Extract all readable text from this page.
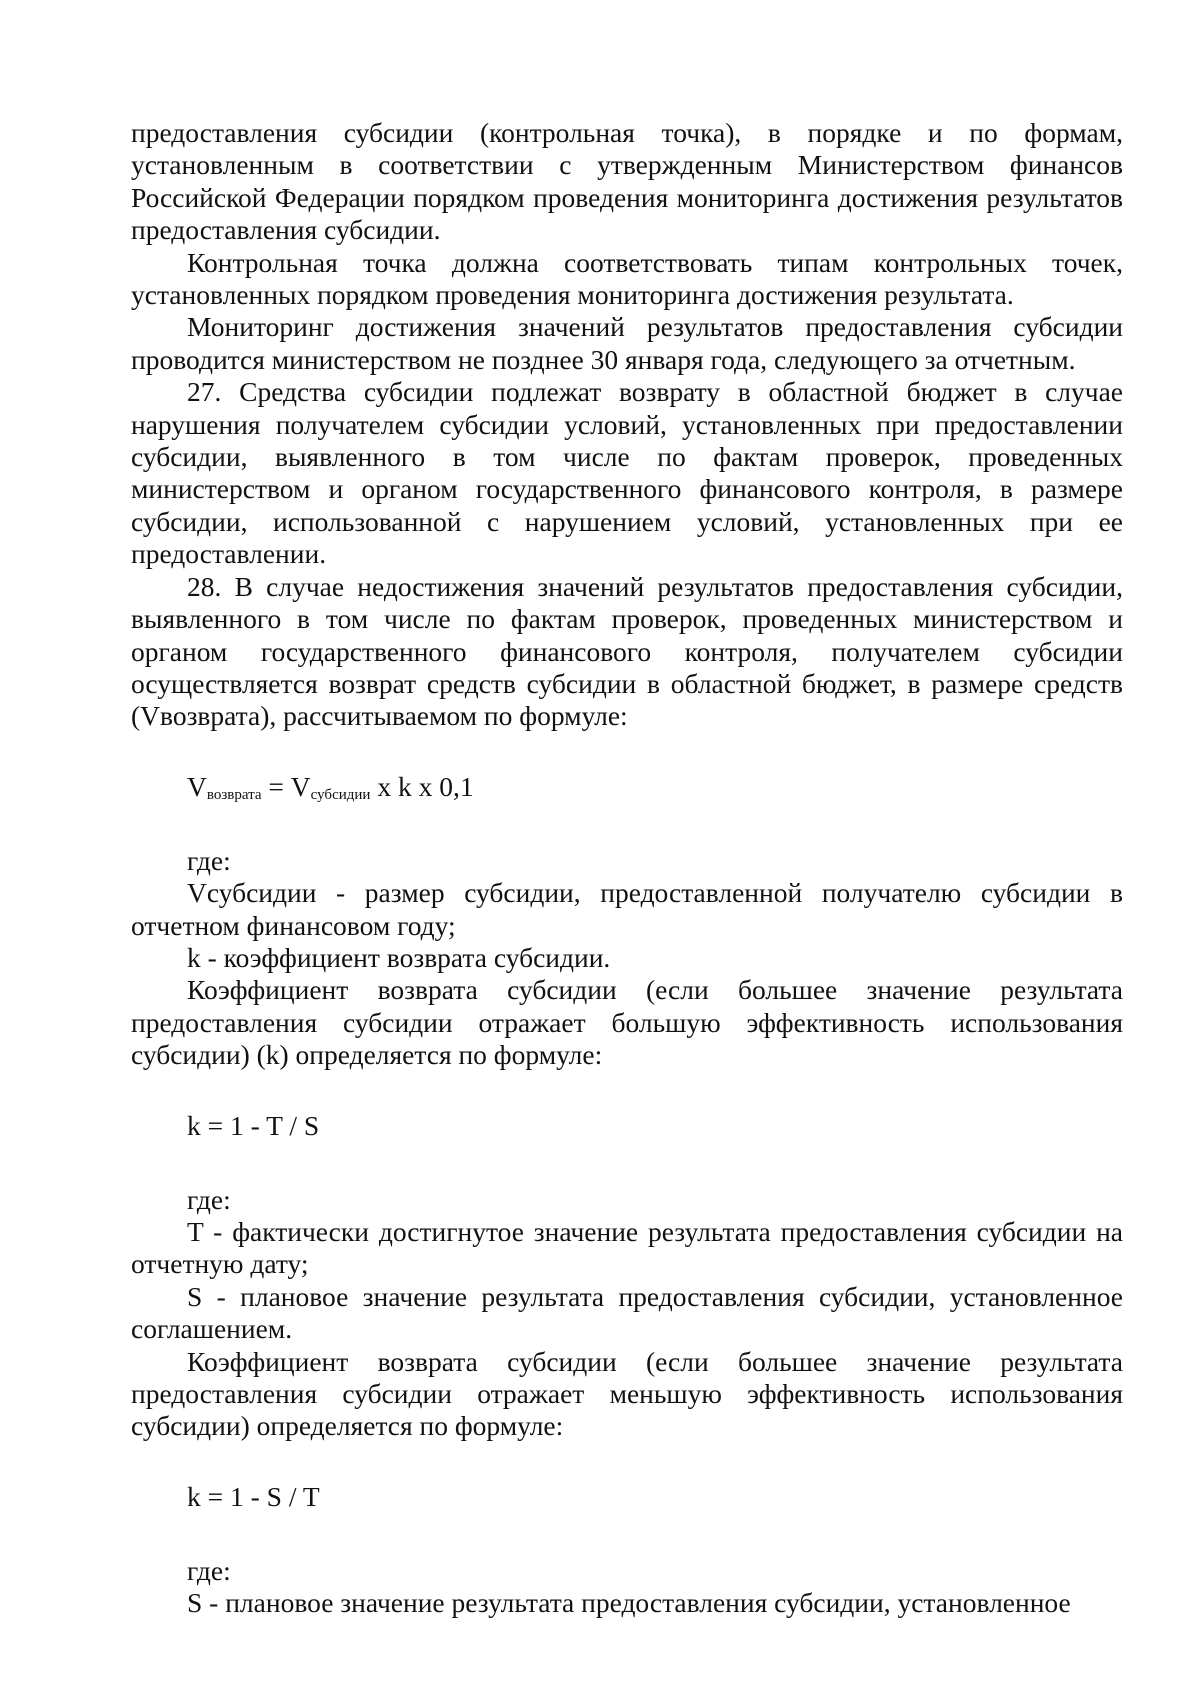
предоставления субсидии (контрольная точка), в порядке и по формам, установленным в соответствии с утвержденным Министерством финансов Российской Федерации порядком проведения мониторинга достижения результатов предоставления субсидии.

Контрольная точка должна соответствовать типам контрольных точек, установленных порядком проведения мониторинга достижения результата.

Мониторинг достижения значений результатов предоставления субсидии проводится министерством не позднее 30 января года, следующего за отчетным.

27. Средства субсидии подлежат возврату в областной бюджет в случае нарушения получателем субсидии условий, установленных при предоставлении субсидии, выявленного в том числе по фактам проверок, проведенных министерством и органом государственного финансового контроля, в размере субсидии, использованной с нарушением условий, установленных при ее предоставлении.

28. В случае недостижения значений результатов предоставления субсидии, выявленного в том числе по фактам проверок, проведенных министерством и органом государственного финансового контроля, получателем субсидии осуществляется возврат средств субсидии в областной бюджет, в размере средств (Vвозврата), рассчитываемом по формуле:

$V_{возврата} = V_{субсидии}$ x k x 0,1

где:

Vсубсидии - размер субсидии, предоставленной получателю субсидии в отчетном финансовом году;

k - коэффициент возврата субсидии.

Коэффициент возврата субсидии (если большее значение результата предоставления субсидии отражает большую эффективность использования субсидии) (k) определяется по формуле:

k = 1 - T / S

где:

T - фактически достигнутое значение результата предоставления субсидии на отчетную дату;

S - плановое значение результата предоставления субсидии, установленное соглашением.

Коэффициент возврата субсидии (если большее значение результата предоставления субсидии отражает меньшую эффективность использования субсидии) определяется по формуле:

k = 1 - S / T

где:

S - плановое значение результата предоставления субсидии, установленное
